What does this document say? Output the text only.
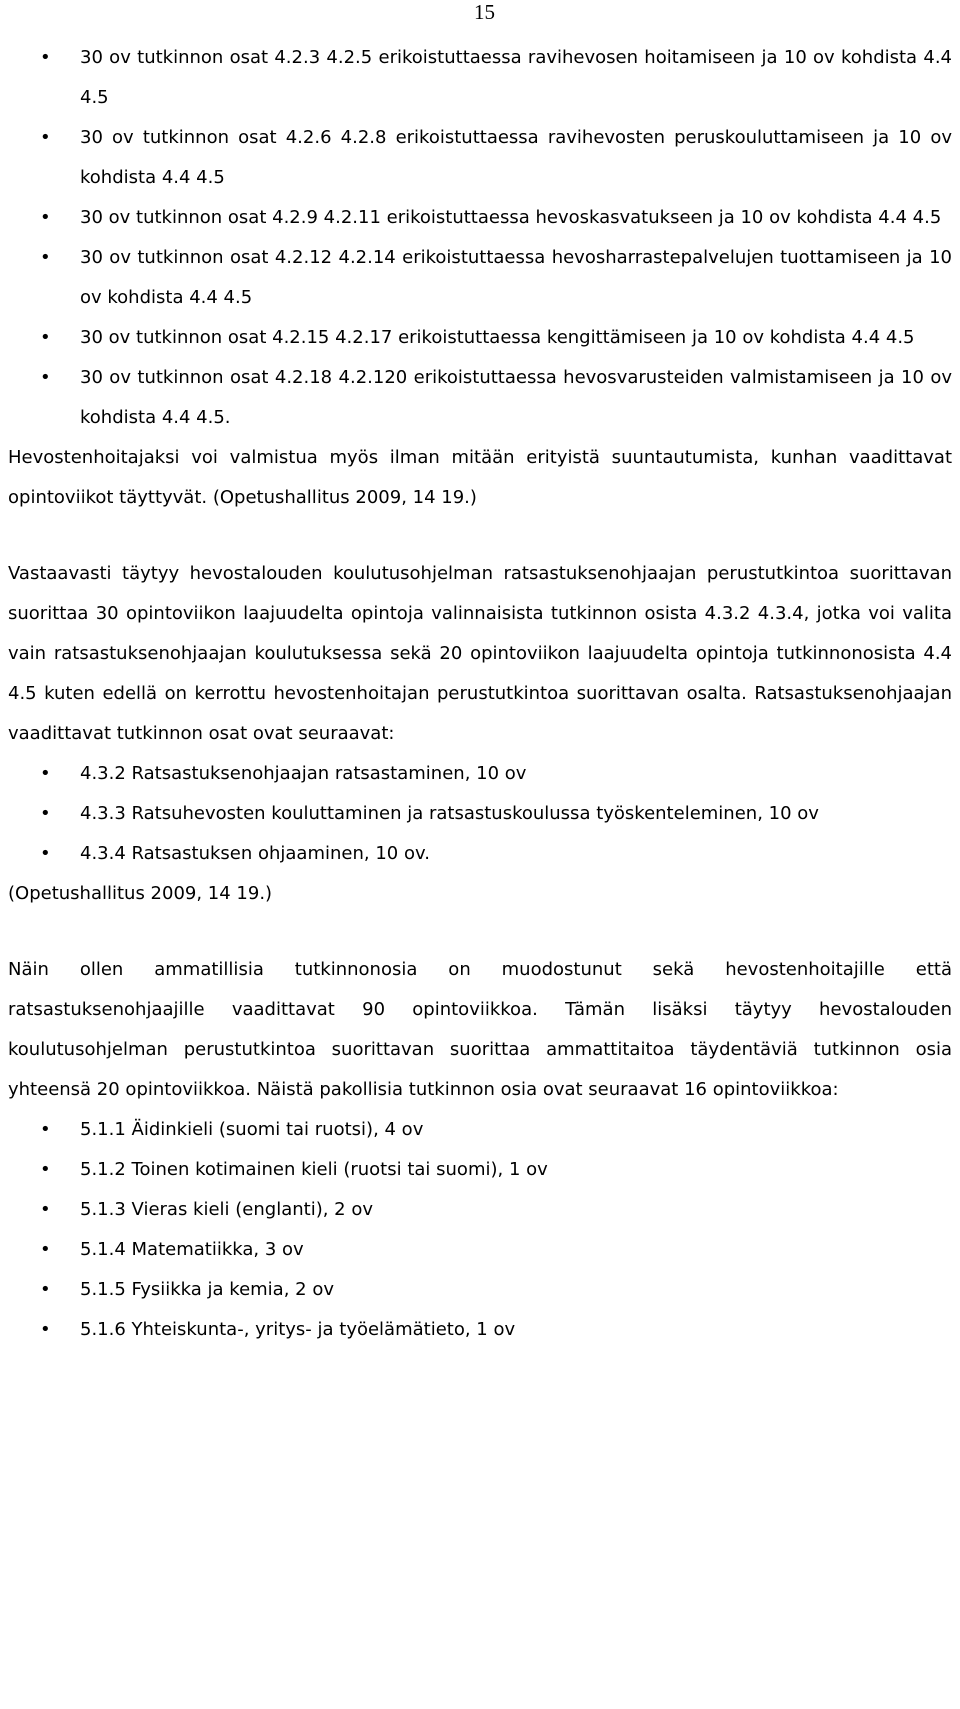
15
• 30 ov tutkinnon osat 4.2.3 4.2.5 erikoistuttaessa ravihevosen hoitamiseen ja 10 ov kohdista 4.4 4.5
• 30 ov tutkinnon osat 4.2.6 4.2.8 erikoistuttaessa ravihevosten peruskouluttamiseen ja 10 ov kohdista 4.4 4.5
• 30 ov tutkinnon osat 4.2.9 4.2.11 erikoistuttaessa hevoskasvatukseen ja 10 ov kohdista 4.4 4.5
• 30 ov tutkinnon osat 4.2.12 4.2.14 erikoistuttaessa hevosharrastepalvelujen tuottamiseen ja 10 ov kohdista 4.4 4.5
• 30 ov tutkinnon osat 4.2.15 4.2.17 erikoistuttaessa kengittämiseen ja 10 ov kohdista 4.4 4.5
• 30 ov tutkinnon osat 4.2.18 4.2.120 erikoistuttaessa hevosvarusteiden valmistamiseen ja 10 ov kohdista 4.4 4.5.

Hevostenhoitajaksi voi valmistua myös ilman mitään erityistä suuntautumista, kunhan vaadittavat opintoviikot täyttyvät. (Opetushallitus 2009, 14 19.)

Vastaavasti täytyy hevostalouden koulutusohjelman ratsastuksenohjaajan perustutkintoa suorittavan suorittaa 30 opintoviikon laajuudelta opintoja valinnaisista tutkinnon osista 4.3.2 4.3.4, jotka voi valita vain ratsastuksenohjaajan koulutuksessa sekä 20 opintoviikon laajuudelta opintoja tutkinnonosista 4.4 4.5 kuten edellä on kerrottu hevostenhoitajan perustutkintoa suorittavan osalta. Ratsastuksenohjaajan vaadittavat tutkinnon osat ovat seuraavat:

• 4.3.2 Ratsastuksenohjaajan ratsastaminen, 10 ov
• 4.3.3 Ratsuhevosten kouluttaminen ja ratsastuskoulussa työskenteleminen, 10 ov
• 4.3.4 Ratsastuksen ohjaaminen, 10 ov.

(Opetushallitus 2009, 14 19.)

Näin ollen ammatillisia tutkinnonosia on muodostunut sekä hevostenhoitajille että ratsastuksenohjaajille vaadittavat 90 opintoviikkoa. Tämän lisäksi täytyy hevostalouden koulutusohjelman perustutkintoa suorittavan suorittaa ammattitaitoa täydentäviä tutkinnon osia yhteensä 20 opintoviikkoa. Näistä pakollisia tutkinnon osia ovat seuraavat 16 opintoviikkoa:

• 5.1.1 Äidinkieli (suomi tai ruotsi), 4 ov
• 5.1.2 Toinen kotimainen kieli (ruotsi tai suomi), 1 ov
• 5.1.3 Vieras kieli (englanti), 2 ov
• 5.1.4 Matematiikka, 3 ov
• 5.1.5 Fysiikka ja kemia, 2 ov
• 5.1.6 Yhteiskunta-, yritys- ja työelämätieto, 1 ov
